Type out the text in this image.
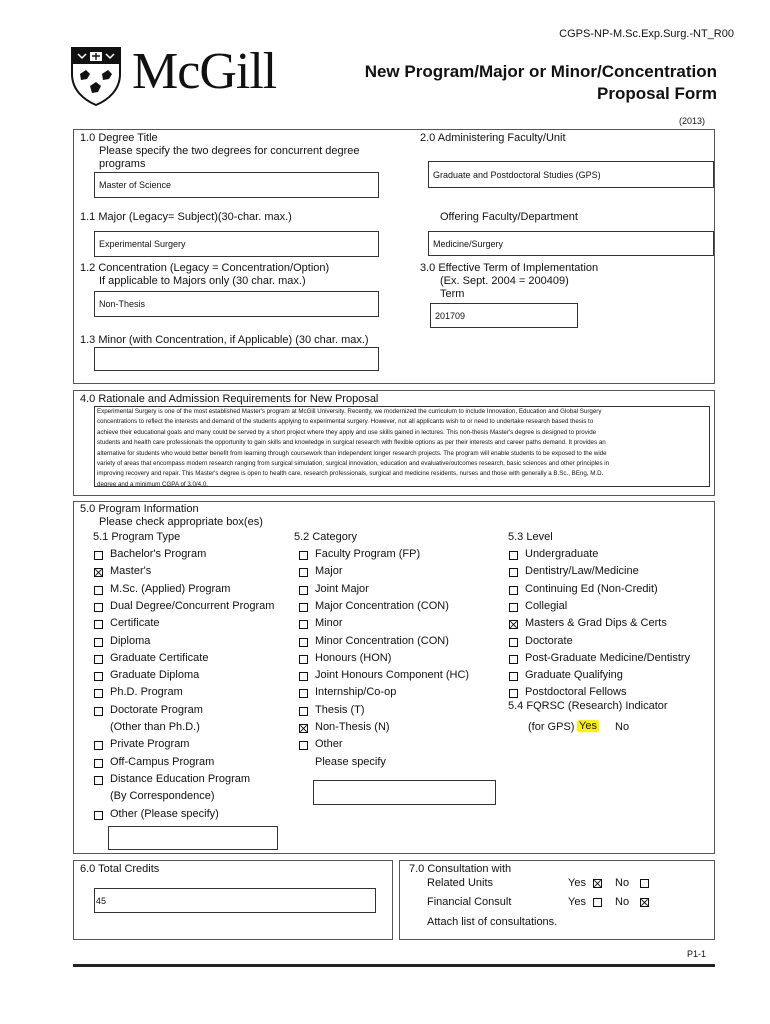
CGPS-NP-M.Sc.Exp.Surg.-NT_R00
McGill	New Program/Major or Minor/Concentration
Proposal Form
(2013)
1.0 Degree Title
Please specify the two degrees for concurrent degree
programs
Master of Science
2.0 Administering Faculty/Unit
Graduate and Postdoctoral Studies (GPS)
1.1 Major (Legacy= Subject)(30-char. max.)
Experimental Surgery
Offering Faculty/Department
Medicine/Surgery
1.2 Concentration (Legacy = Concentration/Option)
If applicable to Majors only (30 char. max.)
Non-Thesis
3.0 Effective Term of Implementation
(Ex. Sept. 2004 = 200409)
Term
201709
1.3 Minor (with Concentration, if Applicable) (30 char. max.)
4.0 Rationale and Admission Requirements for New Proposal
Experimental Surgery is one of the most established Master's program at McGill University. Recently, we modernized the curriculum to include Innovation, Education and Global Surgery
concentrations to reflect the interests and demand of the students applying to experimental surgery. However, not all applicants wish to or need to undertake research based thesis to
achieve their educational goals and many could be served by a short project where they apply and use skills gained in lectures. This non-thesis Master's degree is designed to provide
students and health care professionals the opportunity to gain skills and knowledge in surgical research with flexible options as per their interests and career paths demand. It provides an
alternative for students who would better benefit from learning through coursework than independent longer research projects. The program will enable students to be exposed to the wide
variety of areas that encompass modern research ranging from surgical simulation, surgical innovation, education and evaluative/outcomes research, basic sciences and other principles in
improving recovery and repair. This Master's degree is open to health care, research professionals, surgical and medicine residents, nurses and those with generally a B.Sc., BEng, M.D.
degree and a minimum CGPA of 3.0/4.0.
5.0 Program Information
Please check appropriate box(es)
5.1 Program Type	5.2 Category	5.3 Level
Bachelor's Program
Master's
M.Sc. (Applied) Program
Dual Degree/Concurrent Program
Certificate
Diploma
Graduate Certificate
Graduate Diploma
Ph.D. Program
Doctorate Program
(Other than Ph.D.)
Private Program
Off-Campus Program
Distance Education Program
(By Correspondence)
Other (Please specify)
Faculty Program (FP)
Major
Joint Major
Major Concentration (CON)
Minor
Minor Concentration (CON)
Honours (HON)
Joint Honours Component (HC)
Internship/Co-op
Thesis (T)
Non-Thesis (N)
Other
Please specify
Undergraduate
Dentistry/Law/Medicine
Continuing Ed (Non-Credit)
Collegial
Masters & Grad Dips & Certs
Doctorate
Post-Graduate Medicine/Dentistry
Graduate Qualifying
Postdoctoral Fellows
5.4 FQRSC (Research) Indicator
(for GPS) Yes No
6.0 Total Credits
45
7.0 Consultation with
Related Units	Yes	No
Financial Consult	Yes	No
Attach list of consultations.
P1-1
